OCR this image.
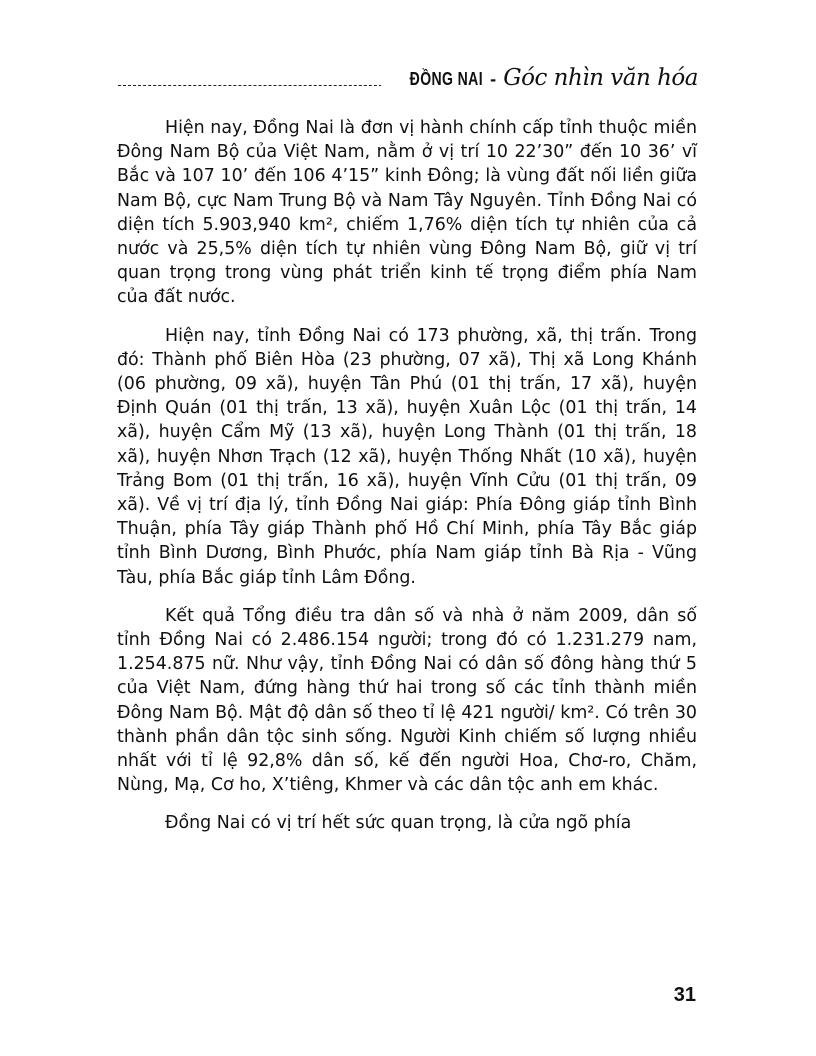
ĐỒNG NAI - Góc nhìn văn hóa

Hiện nay, Đồng Nai là đơn vị hành chính cấp tỉnh thuộc miền Đông Nam Bộ của Việt Nam, nằm ở vị trí 10 22’30” đến 10 36’ vĩ Bắc và 107 10’ đến 106 4’15” kinh Đông; là vùng đất nối liền giữa Nam Bộ, cực Nam Trung Bộ và Nam Tây Nguyên. Tỉnh Đồng Nai có diện tích 5.903,940 km², chiếm 1,76% diện tích tự nhiên của cả nước và 25,5% diện tích tự nhiên vùng Đông Nam Bộ, giữ vị trí quan trọng trong vùng phát triển kinh tế trọng điểm phía Nam của đất nước.

Hiện nay, tỉnh Đồng Nai có 173 phường, xã, thị trấn. Trong đó: Thành phố Biên Hòa (23 phường, 07 xã), Thị xã Long Khánh (06 phường, 09 xã), huyện Tân Phú (01 thị trấn, 17 xã), huyện Định Quán (01 thị trấn, 13 xã), huyện Xuân Lộc (01 thị trấn, 14 xã), huyện Cẩm Mỹ (13 xã), huyện Long Thành (01 thị trấn, 18 xã), huyện Nhơn Trạch (12 xã), huyện Thống Nhất (10 xã), huyện Trảng Bom (01 thị trấn, 16 xã), huyện Vĩnh Cửu (01 thị trấn, 09 xã). Về vị trí địa lý, tỉnh Đồng Nai giáp: Phía Đông giáp tỉnh Bình Thuận, phía Tây giáp Thành phố Hồ Chí Minh, phía Tây Bắc giáp tỉnh Bình Dương, Bình Phước, phía Nam giáp tỉnh Bà Rịa - Vũng Tàu, phía Bắc giáp tỉnh Lâm Đồng.

Kết quả Tổng điều tra dân số và nhà ở năm 2009, dân số tỉnh Đồng Nai có 2.486.154 người; trong đó có 1.231.279 nam, 1.254.875 nữ. Như vậy, tỉnh Đồng Nai có dân số đông hàng thứ 5 của Việt Nam, đứng hàng thứ hai trong số các tỉnh thành miền Đông Nam Bộ. Mật độ dân số theo tỉ lệ 421 người/ km². Có trên 30 thành phần dân tộc sinh sống. Người Kinh chiếm số lượng nhiều nhất với tỉ lệ 92,8% dân số, kế đến người Hoa, Chơ-ro, Chăm, Nùng, Mạ, Cơ ho, X’tiêng, Khmer và các dân tộc anh em khác.

Đồng Nai có vị trí hết sức quan trọng, là cửa ngõ phía

31
